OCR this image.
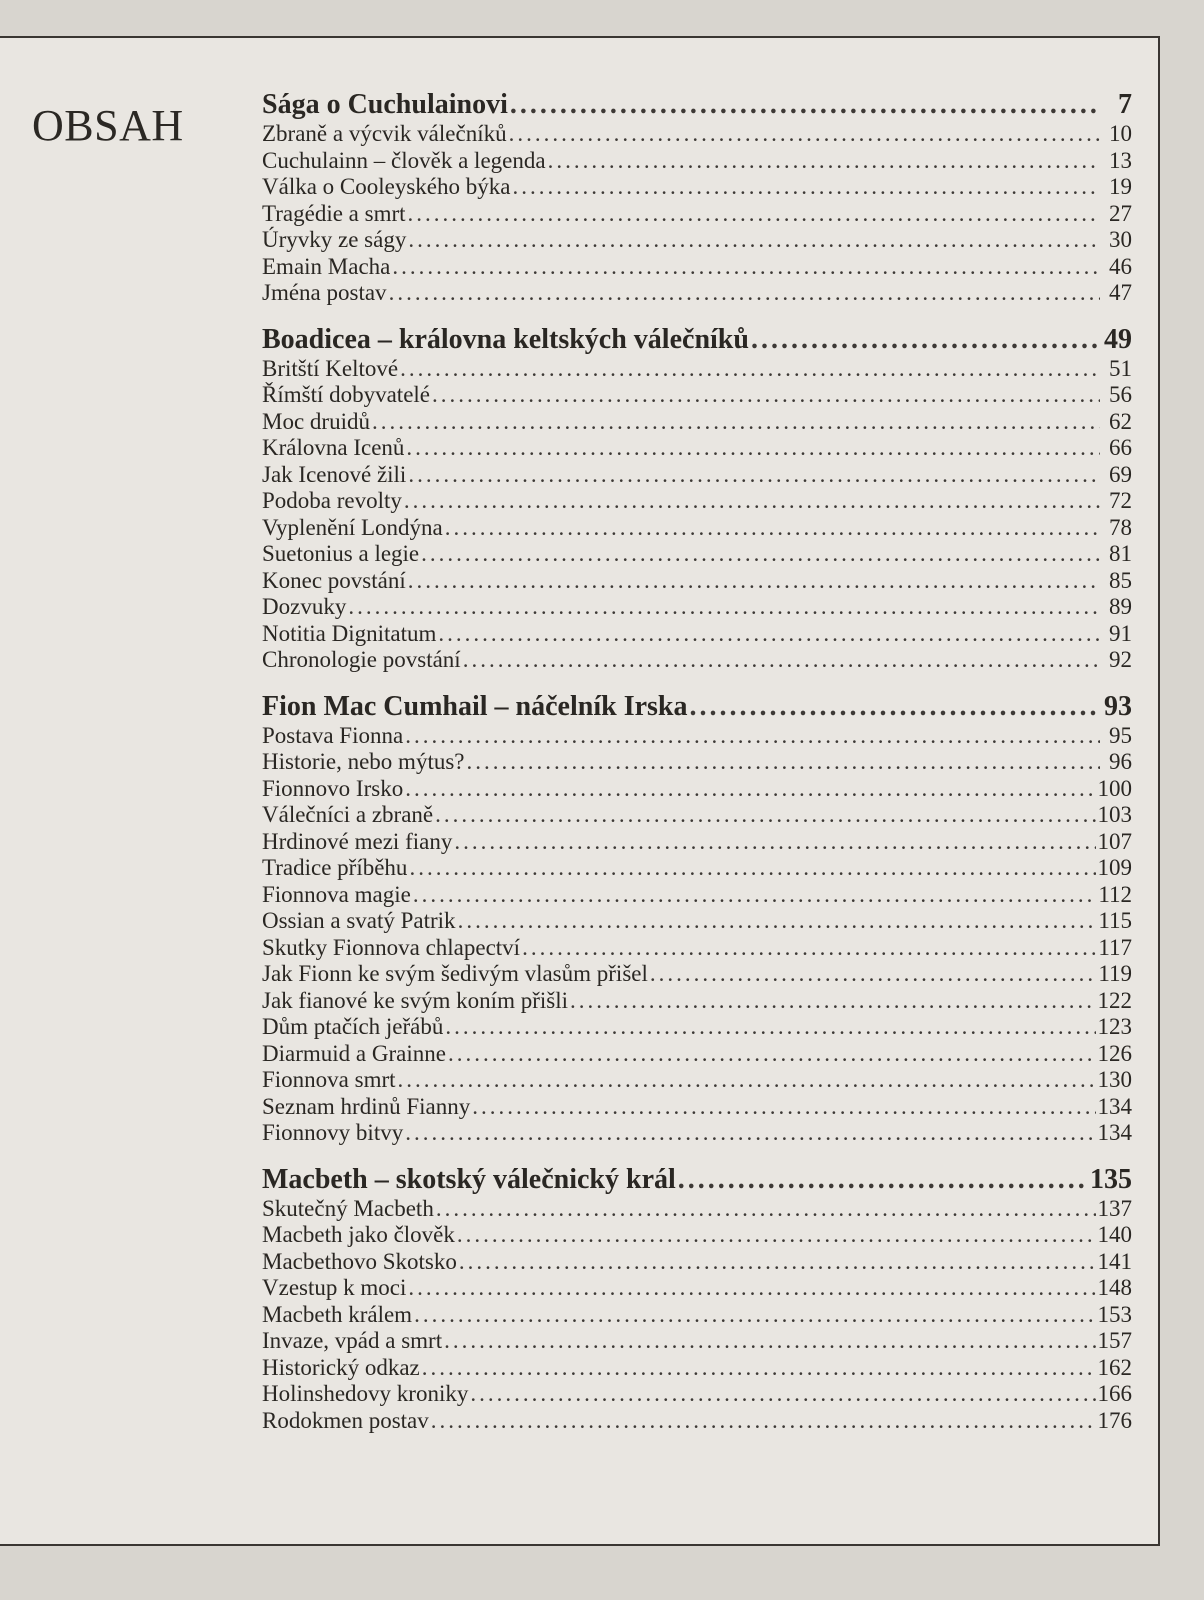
OBSAH	Sága o Cuchulainovi .....	7
Zbraně a výcvik válečníků .....	10
Cuchulainn – člověk a legenda .....	13
Válka o Cooleyského býka .....	19
Tragédie a smrt .....	27
Úryvky ze ságy .....	30
Emain Macha .....	46
Jména postav .....	47
Boadicea – královna keltských válečníků .....	49
Britští Keltové .....	51
Římští dobyvatelé .....	56
Moc druidů .....	62
Královna Icenů .....	66
Jak Icenové žili .....	69
Podoba revolty .....	72
Vyplenění Londýna .....	78
Suetonius a legie .....	81
Konec povstání .....	85
Dozvuky .....	89
Notitia Dignitatum .....	91
Chronologie povstání .....	92
Fion Mac Cumhail – náčelník Irska .....	93
Postava Fionna .....	95
Historie, nebo mýtus? .....	96
Fionnovo Irsko .....	100
Válečníci a zbraně .....	103
Hrdinové mezi fiany .....	107
Tradice příběhu .....	109
Fionnova magie .....	112
Ossian a svatý Patrik .....	115
Skutky Fionnova chlapectví .....	117
Jak Fionn ke svým šedivým vlasům přišel .....	119
Jak fianové ke svým koním přišli .....	122
Dům ptačích jeřábů .....	123
Diarmuid a Grainne .....	126
Fionnova smrt .....	130
Seznam hrdinů Fianny .....	134
Fionnovy bitvy .....	134
Macbeth – skotský válečnický král .....	135
Skutečný Macbeth .....	137
Macbeth jako člověk .....	140
Macbethovo Skotsko .....	141
Vzestup k moci .....	148
Macbeth králem .....	153
Invaze, vpád a smrt .....	157
Historický odkaz .....	162
Holinshedovy kroniky .....	166
Rodokmen postav .....	176
